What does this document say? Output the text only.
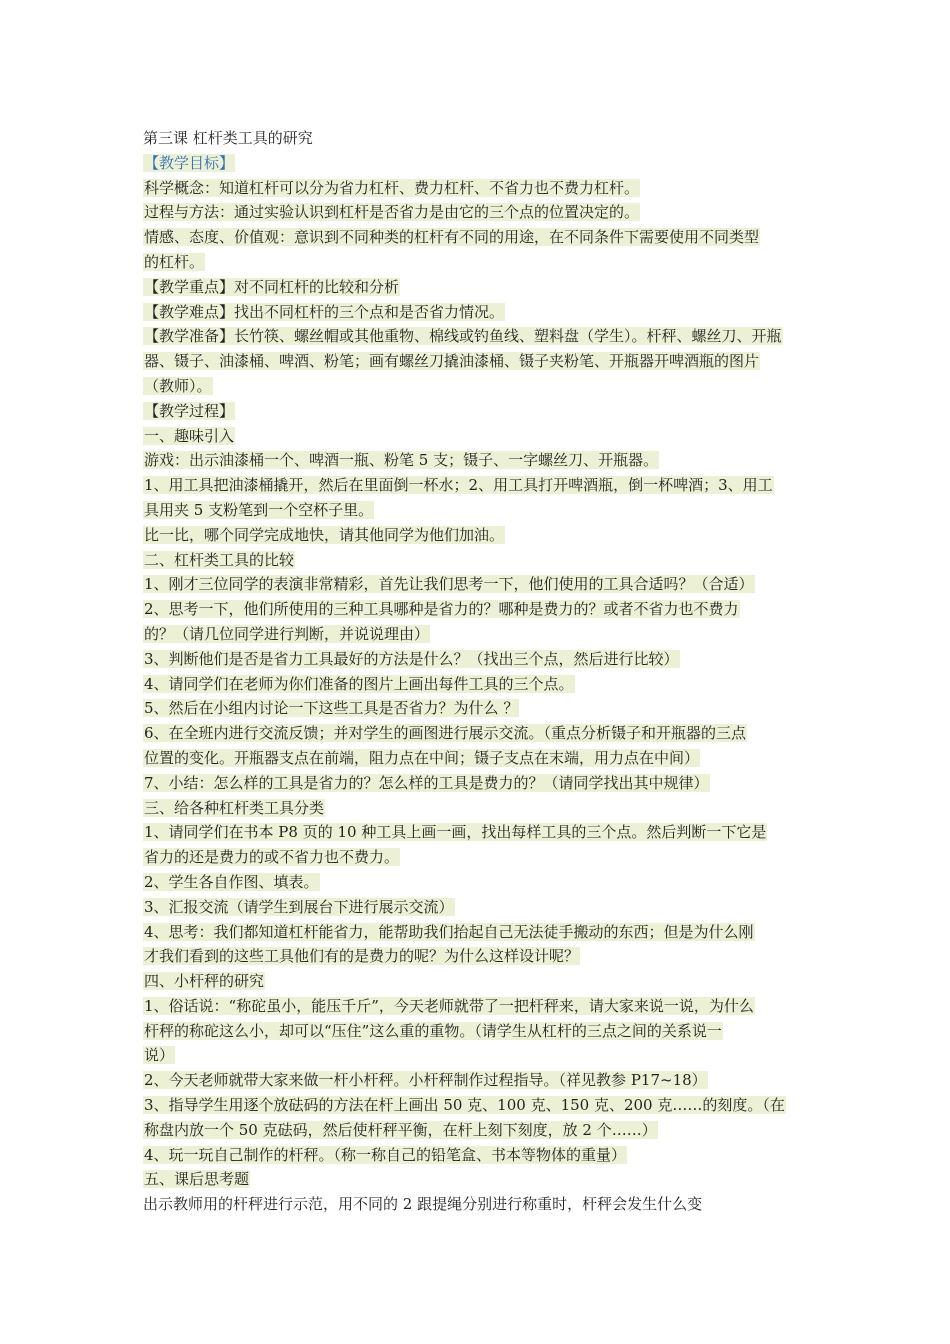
第三课 杠杆类工具的研究
【教学目标】
科学概念：知道杠杆可以分为省力杠杆、费力杠杆、不省力也不费力杠杆。
过程与方法：通过实验认识到杠杆是否省力是由它的三个点的位置决定的。
情感、态度、价值观：意识到不同种类的杠杆有不同的用途，在不同条件下需要使用不同类型
的杠杆。
【教学重点】对不同杠杆的比较和分析
【教学难点】找出不同杠杆的三个点和是否省力情况。
【教学准备】长竹筷、螺丝帽或其他重物、棉线或钓鱼线、塑料盘（学生）。杆秤、螺丝刀、开瓶
器、镊子、油漆桶、啤酒、粉笔；画有螺丝刀撬油漆桶、镊子夹粉笔、开瓶器开啤酒瓶的图片
（教师）。
【教学过程】
一、趣味引入
游戏：出示油漆桶一个、啤酒一瓶、粉笔 5 支；镊子、一字螺丝刀、开瓶器。
1、用工具把油漆桶撬开，然后在里面倒一杯水；2、用工具打开啤酒瓶，倒一杯啤酒；3、用工
具用夹 5 支粉笔到一个空杯子里。
比一比，哪个同学完成地快，请其他同学为他们加油。
二、杠杆类工具的比较
1、刚才三位同学的表演非常精彩，首先让我们思考一下，他们使用的工具合适吗？（合适）
2、思考一下，他们所使用的三种工具哪种是省力的？哪种是费力的？或者不省力也不费力
的？（请几位同学进行判断，并说说理由）
3、判断他们是否是省力工具最好的方法是什么？（找出三个点，然后进行比较）
4、请同学们在老师为你们准备的图片上画出每件工具的三个点。
5、然后在小组内讨论一下这些工具是否省力？为什么 ？
6、在全班内进行交流反馈；并对学生的画图进行展示交流。（重点分析镊子和开瓶器的三点
位置的变化。开瓶器支点在前端，阻力点在中间；镊子支点在末端，用力点在中间）
7、小结：怎么样的工具是省力的？怎么样的工具是费力的？（请同学找出其中规律）
三、给各种杠杆类工具分类
1、请同学们在书本 P8 页的 10 种工具上画一画，找出每样工具的三个点。然后判断一下它是
省力的还是费力的或不省力也不费力。
2、学生各自作图、填表。
3、汇报交流（请学生到展台下进行展示交流）
4、思考：我们都知道杠杆能省力，能帮助我们抬起自己无法徒手搬动的东西；但是为什么刚
才我们看到的这些工具他们有的是费力的呢？为什么这样设计呢？
四、小杆秤的研究
1、俗话说：“称砣虽小，能压千斤”，今天老师就带了一把杆秤来，请大家来说一说，为什么
杆秤的称砣这么小，却可以“压住”这么重的重物。（请学生从杠杆的三点之间的关系说一
说）
2、今天老师就带大家来做一杆小杆秤。小杆秤制作过程指导。（祥见教参 P17~18）
3、指导学生用逐个放砝码的方法在杆上画出 50 克、100 克、150 克、200 克……的刻度。（在
称盘内放一个 50 克砝码，然后使杆秤平衡，在杆上刻下刻度，放 2 个……）
4、玩一玩自己制作的杆秤。（称一称自己的铅笔盒、书本等物体的重量）
五、课后思考题
出示教师用的杆秤进行示范，用不同的 2 跟提绳分别进行称重时，杆秤会发生什么变
